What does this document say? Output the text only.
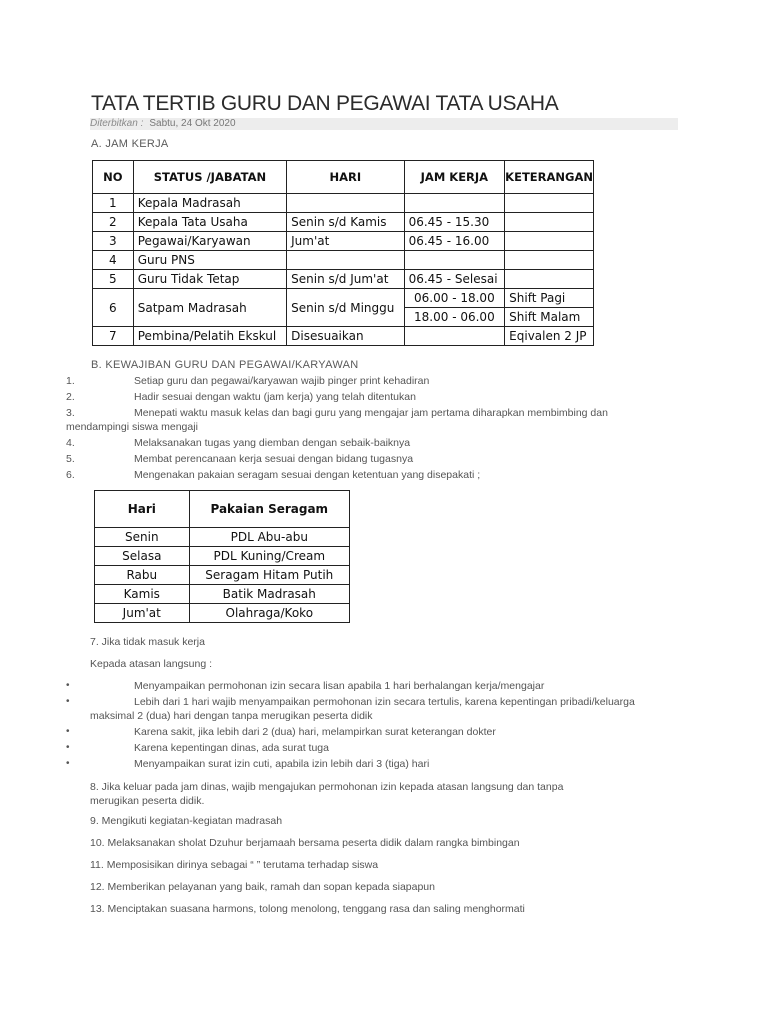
TATA TERTIB GURU DAN PEGAWAI TATA USAHA
Diterbitkan : Sabtu, 24 Okt 2020
A. JAM KERJA
NO	STATUS /JABATAN	HARI	JAM KERJA	KETERANGAN
1	Kepala Madrasah			
2	Kepala Tata Usaha	Senin s/d Kamis	06.45 - 15.30	
3	Pegawai/Karyawan	Jum'at	06.45 - 16.00	
4	Guru PNS			
5	Guru Tidak Tetap	Senin s/d Jum'at	06.45 - Selesai	
6	Satpam Madrasah	Senin s/d Minggu	06.00 - 18.00	Shift Pagi
			18.00 - 06.00	Shift Malam
7	Pembina/Pelatih Ekskul	Disesuaikan		Eqivalen 2 JP
B. KEWAJIBAN GURU DAN PEGAWAI/KARYAWAN
1.	Setiap guru dan pegawai/karyawan wajib pinger print kehadiran
2.	Hadir sesuai dengan waktu (jam kerja) yang telah ditentukan
3.	Menepati waktu masuk kelas dan bagi guru yang mengajar jam pertama diharapkan membimbing dan
mendampingi siswa mengaji
4.	Melaksanakan tugas yang diemban dengan sebaik-baiknya
5.	Membat perencanaan kerja sesuai dengan bidang tugasnya
6.	Mengenakan pakaian seragam sesuai dengan ketentuan yang disepakati ;
Hari	Pakaian Seragam
Senin	PDL Abu-abu
Selasa	PDL Kuning/Cream
Rabu	Seragam Hitam Putih
Kamis	Batik Madrasah
Jum'at	Olahraga/Koko
7. Jika tidak masuk kerja
Kepada atasan langsung :
•	Menyampaikan permohonan izin secara lisan apabila 1 hari berhalangan kerja/mengajar
•	Lebih dari 1 hari wajib menyampaikan permohonan izin secara tertulis, karena kepentingan pribadi/keluarga
maksimal 2 (dua) hari dengan tanpa merugikan peserta didik
•	Karena sakit, jika lebih dari 2 (dua) hari, melampirkan surat keterangan dokter
•	Karena kepentingan dinas, ada surat tuga
•	Menyampaikan surat izin cuti, apabila izin lebih dari 3 (tiga) hari
8. Jika keluar pada jam dinas, wajib mengajukan permohonan izin kepada atasan langsung dan tanpa
merugikan peserta didik.
9. Mengikuti kegiatan-kegiatan madrasah
10. Melaksanakan sholat Dzuhur berjamaah bersama peserta didik dalam rangka bimbingan
11. Memposisikan dirinya sebagai “ ” terutama terhadap siswa
12. Memberikan pelayanan yang baik, ramah dan sopan kepada siapapun
13. Menciptakan suasana harmons, tolong menolong, tenggang rasa dan saling menghormati
